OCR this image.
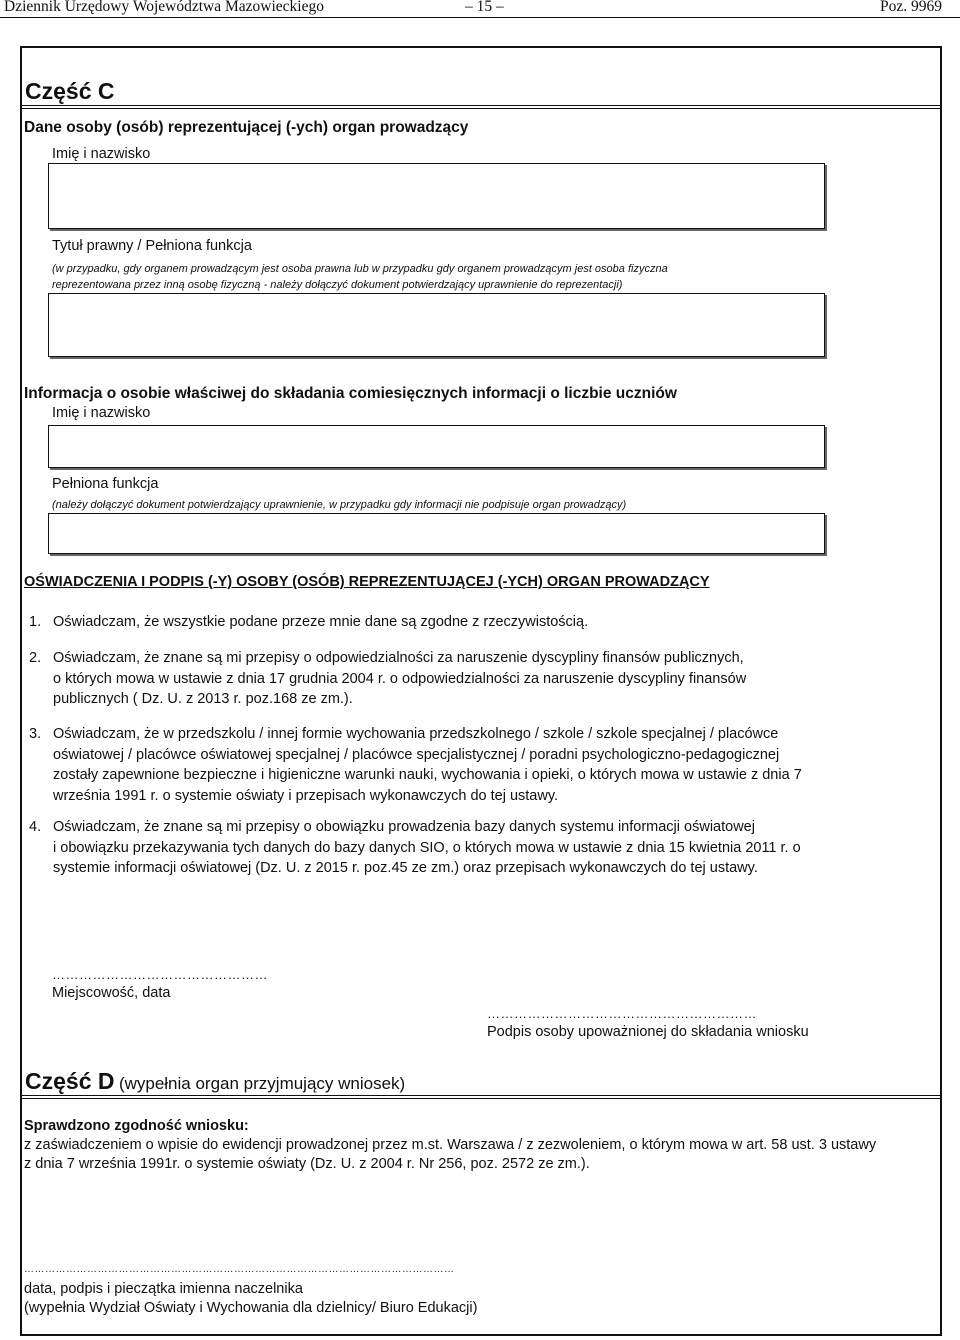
Dziennik Urzędowy Województwa Mazowieckiego	– 15 –	Poz. 9969
Część C
Dane osoby (osób) reprezentującej (-ych) organ prowadzący
Imię i nazwisko
Tytuł prawny / Pełniona funkcja
(w przypadku, gdy organem prowadzącym jest osoba prawna lub w przypadku gdy organem prowadzącym jest osoba fizyczna
reprezentowana przez inną osobę fizyczną - należy dołączyć dokument potwierdzający uprawnienie do reprezentacji)
Informacja o osobie właściwej do składania comiesięcznych informacji o liczbie uczniów
Imię i nazwisko
Pełniona funkcja
(należy dołączyć dokument potwierdzający uprawnienie, w przypadku gdy informacji nie podpisuje organ prowadzący)
OŚWIADCZENIA I PODPIS (-Y) OSOBY (OSÓB) REPREZENTUJĄCEJ (-YCH) ORGAN PROWADZĄCY
1. Oświadczam, że wszystkie podane przeze mnie dane są zgodne z rzeczywistością.
2. Oświadczam, że znane są mi przepisy o odpowiedzialności za naruszenie dyscypliny finansów publicznych,
o których mowa w ustawie z dnia 17 grudnia 2004 r. o odpowiedzialności za naruszenie dyscypliny finansów
publicznych ( Dz. U. z 2013 r. poz.168 ze zm.).
3. Oświadczam, że w przedszkolu / innej formie wychowania przedszkolnego / szkole / szkole specjalnej / placówce
oświatowej / placówce oświatowej specjalnej / placówce specjalistycznej / poradni psychologiczno-pedagogicznej
zostały zapewnione bezpieczne i higieniczne warunki nauki, wychowania i opieki, o których mowa w ustawie z dnia 7
września 1991 r. o systemie oświaty i przepisach wykonawczych do tej ustawy.
4. Oświadczam, że znane są mi przepisy o obowiązku prowadzenia bazy danych systemu informacji oświatowej
i obowiązku przekazywania tych danych do bazy danych SIO, o których mowa w ustawie z dnia 15 kwietnia 2011 r. o
systemie informacji oświatowej (Dz. U. z 2015 r. poz.45 ze zm.) oraz przepisach wykonawczych do tej ustawy.
…………………………………………
Miejscowość, data
……………………………………………………
Podpis osoby upoważnionej do składania wniosku
Część D (wypełnia organ przyjmujący wniosek)
Sprawdzono zgodność wniosku:
z zaświadczeniem o wpisie do ewidencji prowadzonej przez m.st. Warszawa / z zezwoleniem, o którym mowa w art. 58 ust. 3 ustawy
z dnia 7 września 1991r. o systemie oświaty (Dz. U. z 2004 r. Nr 256, poz. 2572 ze zm.).
……………………………………………………………………………………………………………
data, podpis i pieczątka imienna naczelnika
(wypełnia Wydział Oświaty i Wychowania dla dzielnicy/ Biuro Edukacji)
